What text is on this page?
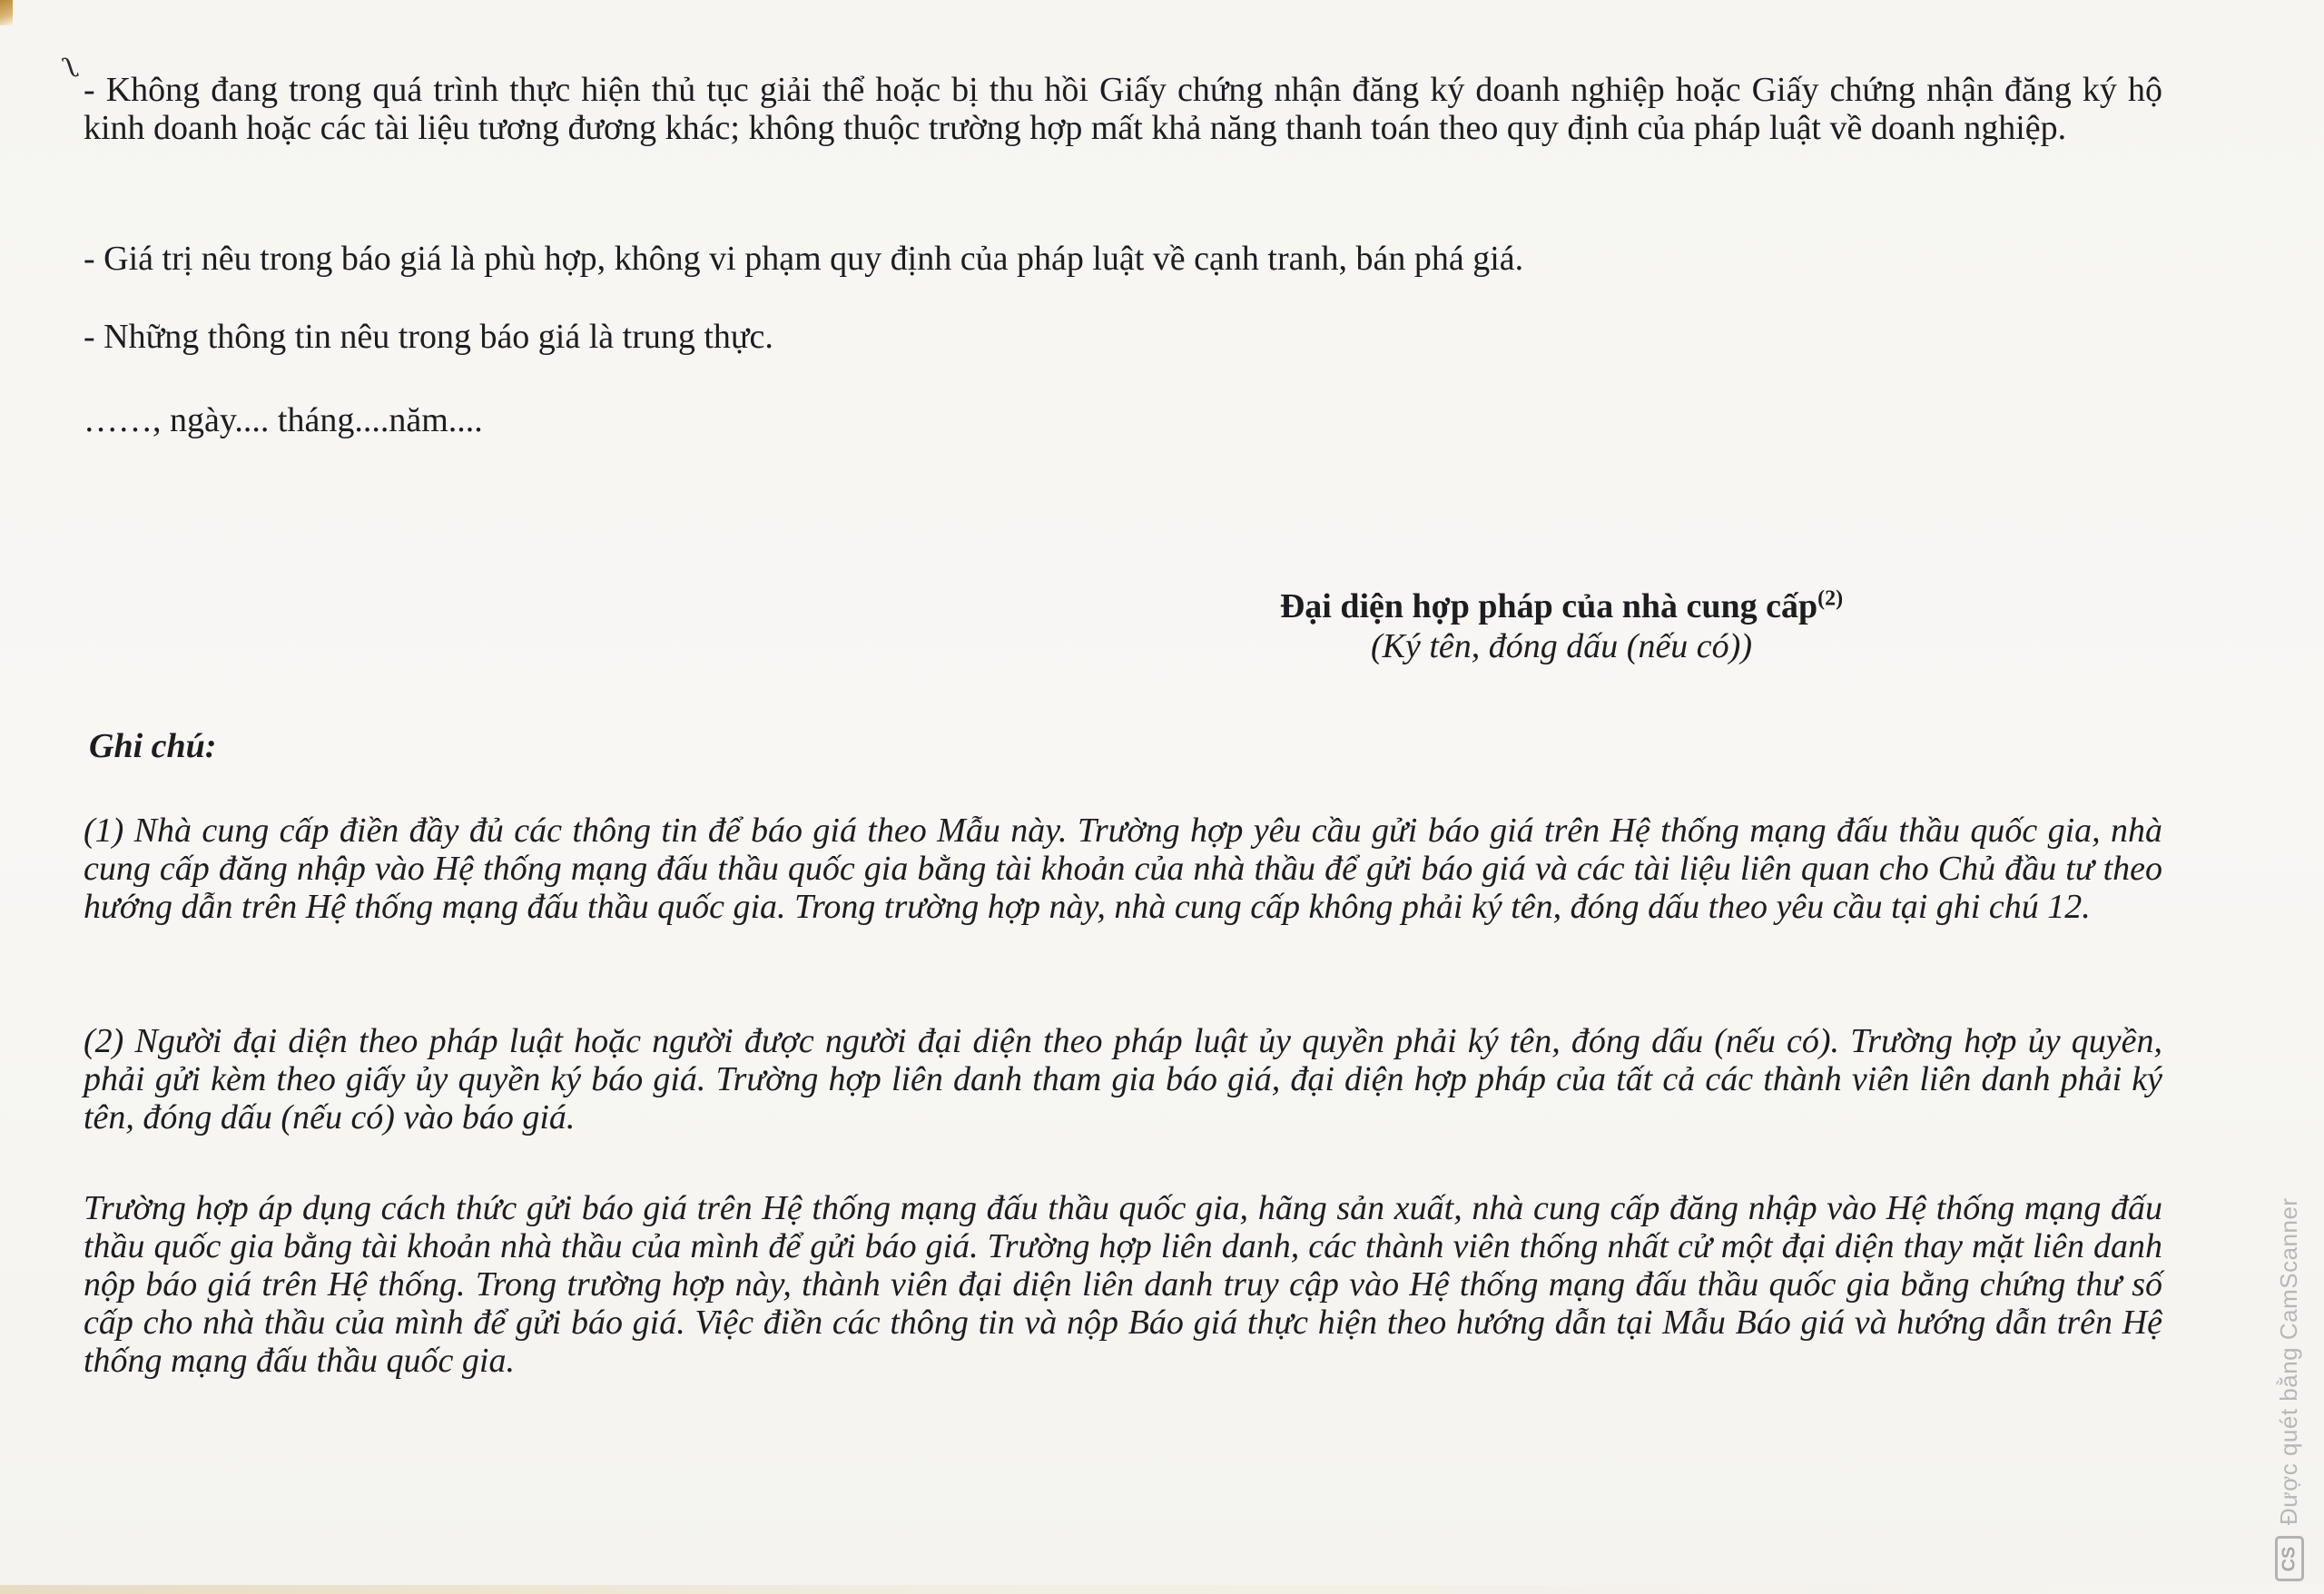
ʅ

- Không đang trong quá trình thực hiện thủ tục giải thể hoặc bị thu hồi Giấy chứng nhận đăng ký doanh nghiệp hoặc Giấy chứng nhận đăng ký hộ kinh doanh hoặc các tài liệu tương đương khác; không thuộc trường hợp mất khả năng thanh toán theo quy định của pháp luật về doanh nghiệp.

- Giá trị nêu trong báo giá là phù hợp, không vi phạm quy định của pháp luật về cạnh tranh, bán phá giá.

- Những thông tin nêu trong báo giá là trung thực.

……, ngày.... tháng....năm....

Đại diện hợp pháp của nhà cung cấp$^{(2)}$
(Ký tên, đóng dấu (nếu có))
Ghi chú:

(1) Nhà cung cấp điền đầy đủ các thông tin để báo giá theo Mẫu này. Trường hợp yêu cầu gửi báo giá trên Hệ thống mạng đấu thầu quốc gia, nhà cung cấp đăng nhập vào Hệ thống mạng đấu thầu quốc gia bằng tài khoản của nhà thầu để gửi báo giá và các tài liệu liên quan cho Chủ đầu tư theo hướng dẫn trên Hệ thống mạng đấu thầu quốc gia. Trong trường hợp này, nhà cung cấp không phải ký tên, đóng dấu theo yêu cầu tại ghi chú 12.

(2) Người đại diện theo pháp luật hoặc người được người đại diện theo pháp luật ủy quyền phải ký tên, đóng dấu (nếu có). Trường hợp ủy quyền, phải gửi kèm theo giấy ủy quyền ký báo giá. Trường hợp liên danh tham gia báo giá, đại diện hợp pháp của tất cả các thành viên liên danh phải ký tên, đóng dấu (nếu có) vào báo giá.

Trường hợp áp dụng cách thức gửi báo giá trên Hệ thống mạng đấu thầu quốc gia, hãng sản xuất, nhà cung cấp đăng nhập vào Hệ thống mạng đấu thầu quốc gia bằng tài khoản nhà thầu của mình để gửi báo giá. Trường hợp liên danh, các thành viên thống nhất cử một đại diện thay mặt liên danh nộp báo giá trên Hệ thống. Trong trường hợp này, thành viên đại diện liên danh truy cập vào Hệ thống mạng đấu thầu quốc gia bằng chứng thư số cấp cho nhà thầu của mình để gửi báo giá. Việc điền các thông tin và nộp Báo giá thực hiện theo hướng dẫn tại Mẫu Báo giá và hướng dẫn trên Hệ thống mạng đấu thầu quốc gia.	Được quét bằng CamScanner
CS
